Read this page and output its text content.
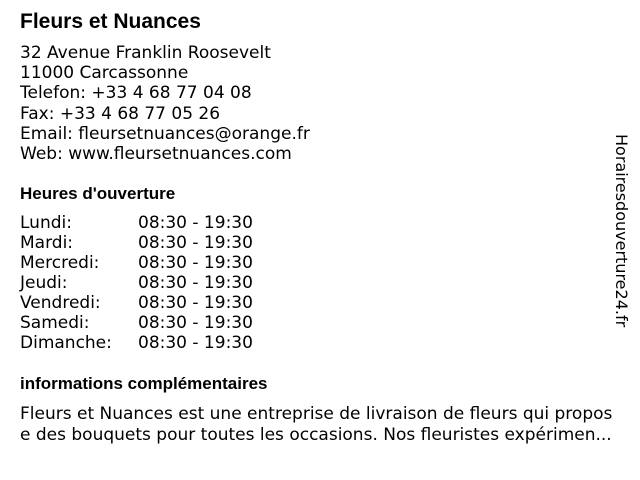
Fleurs et Nuances
32 Avenue Franklin Roosevelt
11000 Carcassonne
Telefon: +33 4 68 77 04 08
Fax: +33 4 68 77 05 26
Email: fleursetnuances@orange.fr
Web: www.fleursetnuances.com
Heures d'ouverture
Lundi:	08:30 - 19:30
Mardi:	08:30 - 19:30
Mercredi: 08:30 - 19:30
Jeudi:	08:30 - 19:30
Vendredi: 08:30 - 19:30
Samedi:	08:30 - 19:30
Dimanche: 08:30 - 19:30
informations complémentaires
Fleurs et Nuances est une entreprise de livraison de fleurs qui propos
e des bouquets pour toutes les occasions. Nos fleuristes expérimen...
Horairesdouverture24.fr
